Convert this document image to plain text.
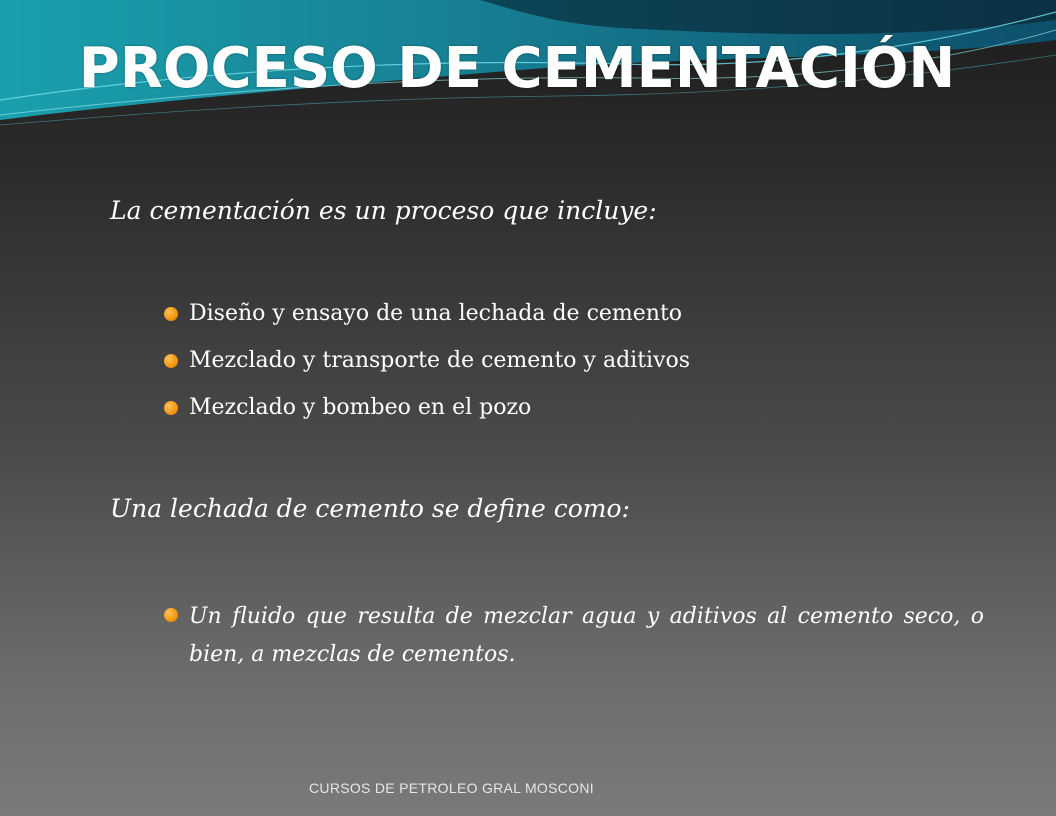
PROCESO DE CEMENTACIÓN

La cementación es un proceso que incluye:

Diseño y ensayo de una lechada de cemento
Mezclado y transporte de cemento y aditivos
Mezclado y bombeo en el pozo

Una lechada de cemento se define como:

Un fluido que resulta de mezclar agua y aditivos al cemento seco, o bien, a mezclas de cementos.

CURSOS DE PETROLEO GRAL MOSCONI
